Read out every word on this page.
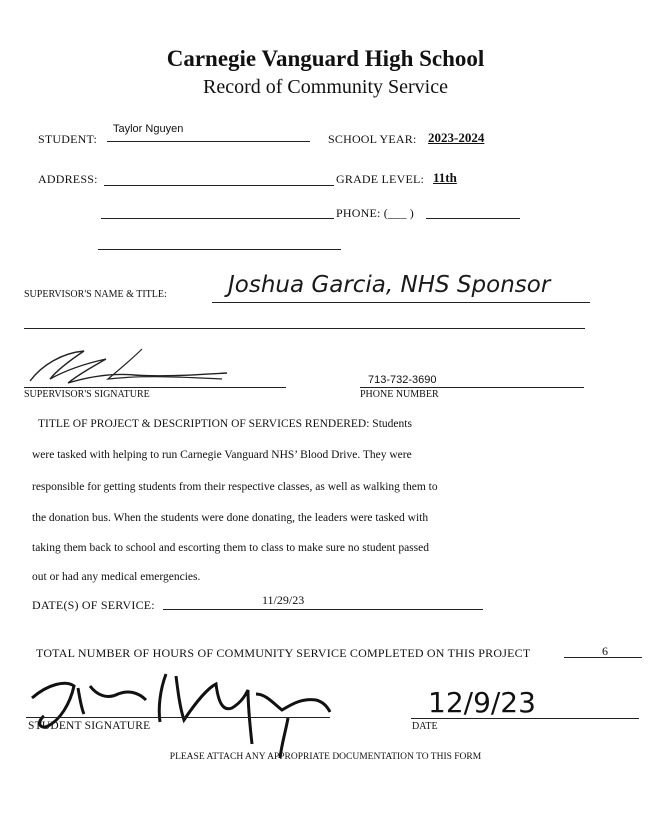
Carnegie Vanguard High School
Record of Community Service
STUDENT:
Taylor Nguyen
SCHOOL YEAR: 2023-2024
ADDRESS:	GRADE LEVEL: 11th
PHONE: (___ )
SUPERVISOR'S NAME & TITLE:	Joshua Garcia, NHS Sponsor
SUPERVISOR'S SIGNATURE
713-732-3690
PHONE NUMBER
TITLE OF PROJECT & DESCRIPTION OF SERVICES RENDERED: Students
were tasked with helping to run Carnegie Vanguard NHS’ Blood Drive. They were
responsible for getting students from their respective classes, as well as walking them to
the donation bus. When the students were done donating, the leaders were tasked with
taking them back to school and escorting them to class to make sure no student passed
out or had any medical emergencies.
DATE(S) OF SERVICE:	11/29/23
TOTAL NUMBER OF HOURS OF COMMUNITY SERVICE COMPLETED ON THIS PROJECT	6
STUDENT SIGNATURE
12/9/23
DATE
PLEASE ATTACH ANY APPROPRIATE DOCUMENTATION TO THIS FORM
